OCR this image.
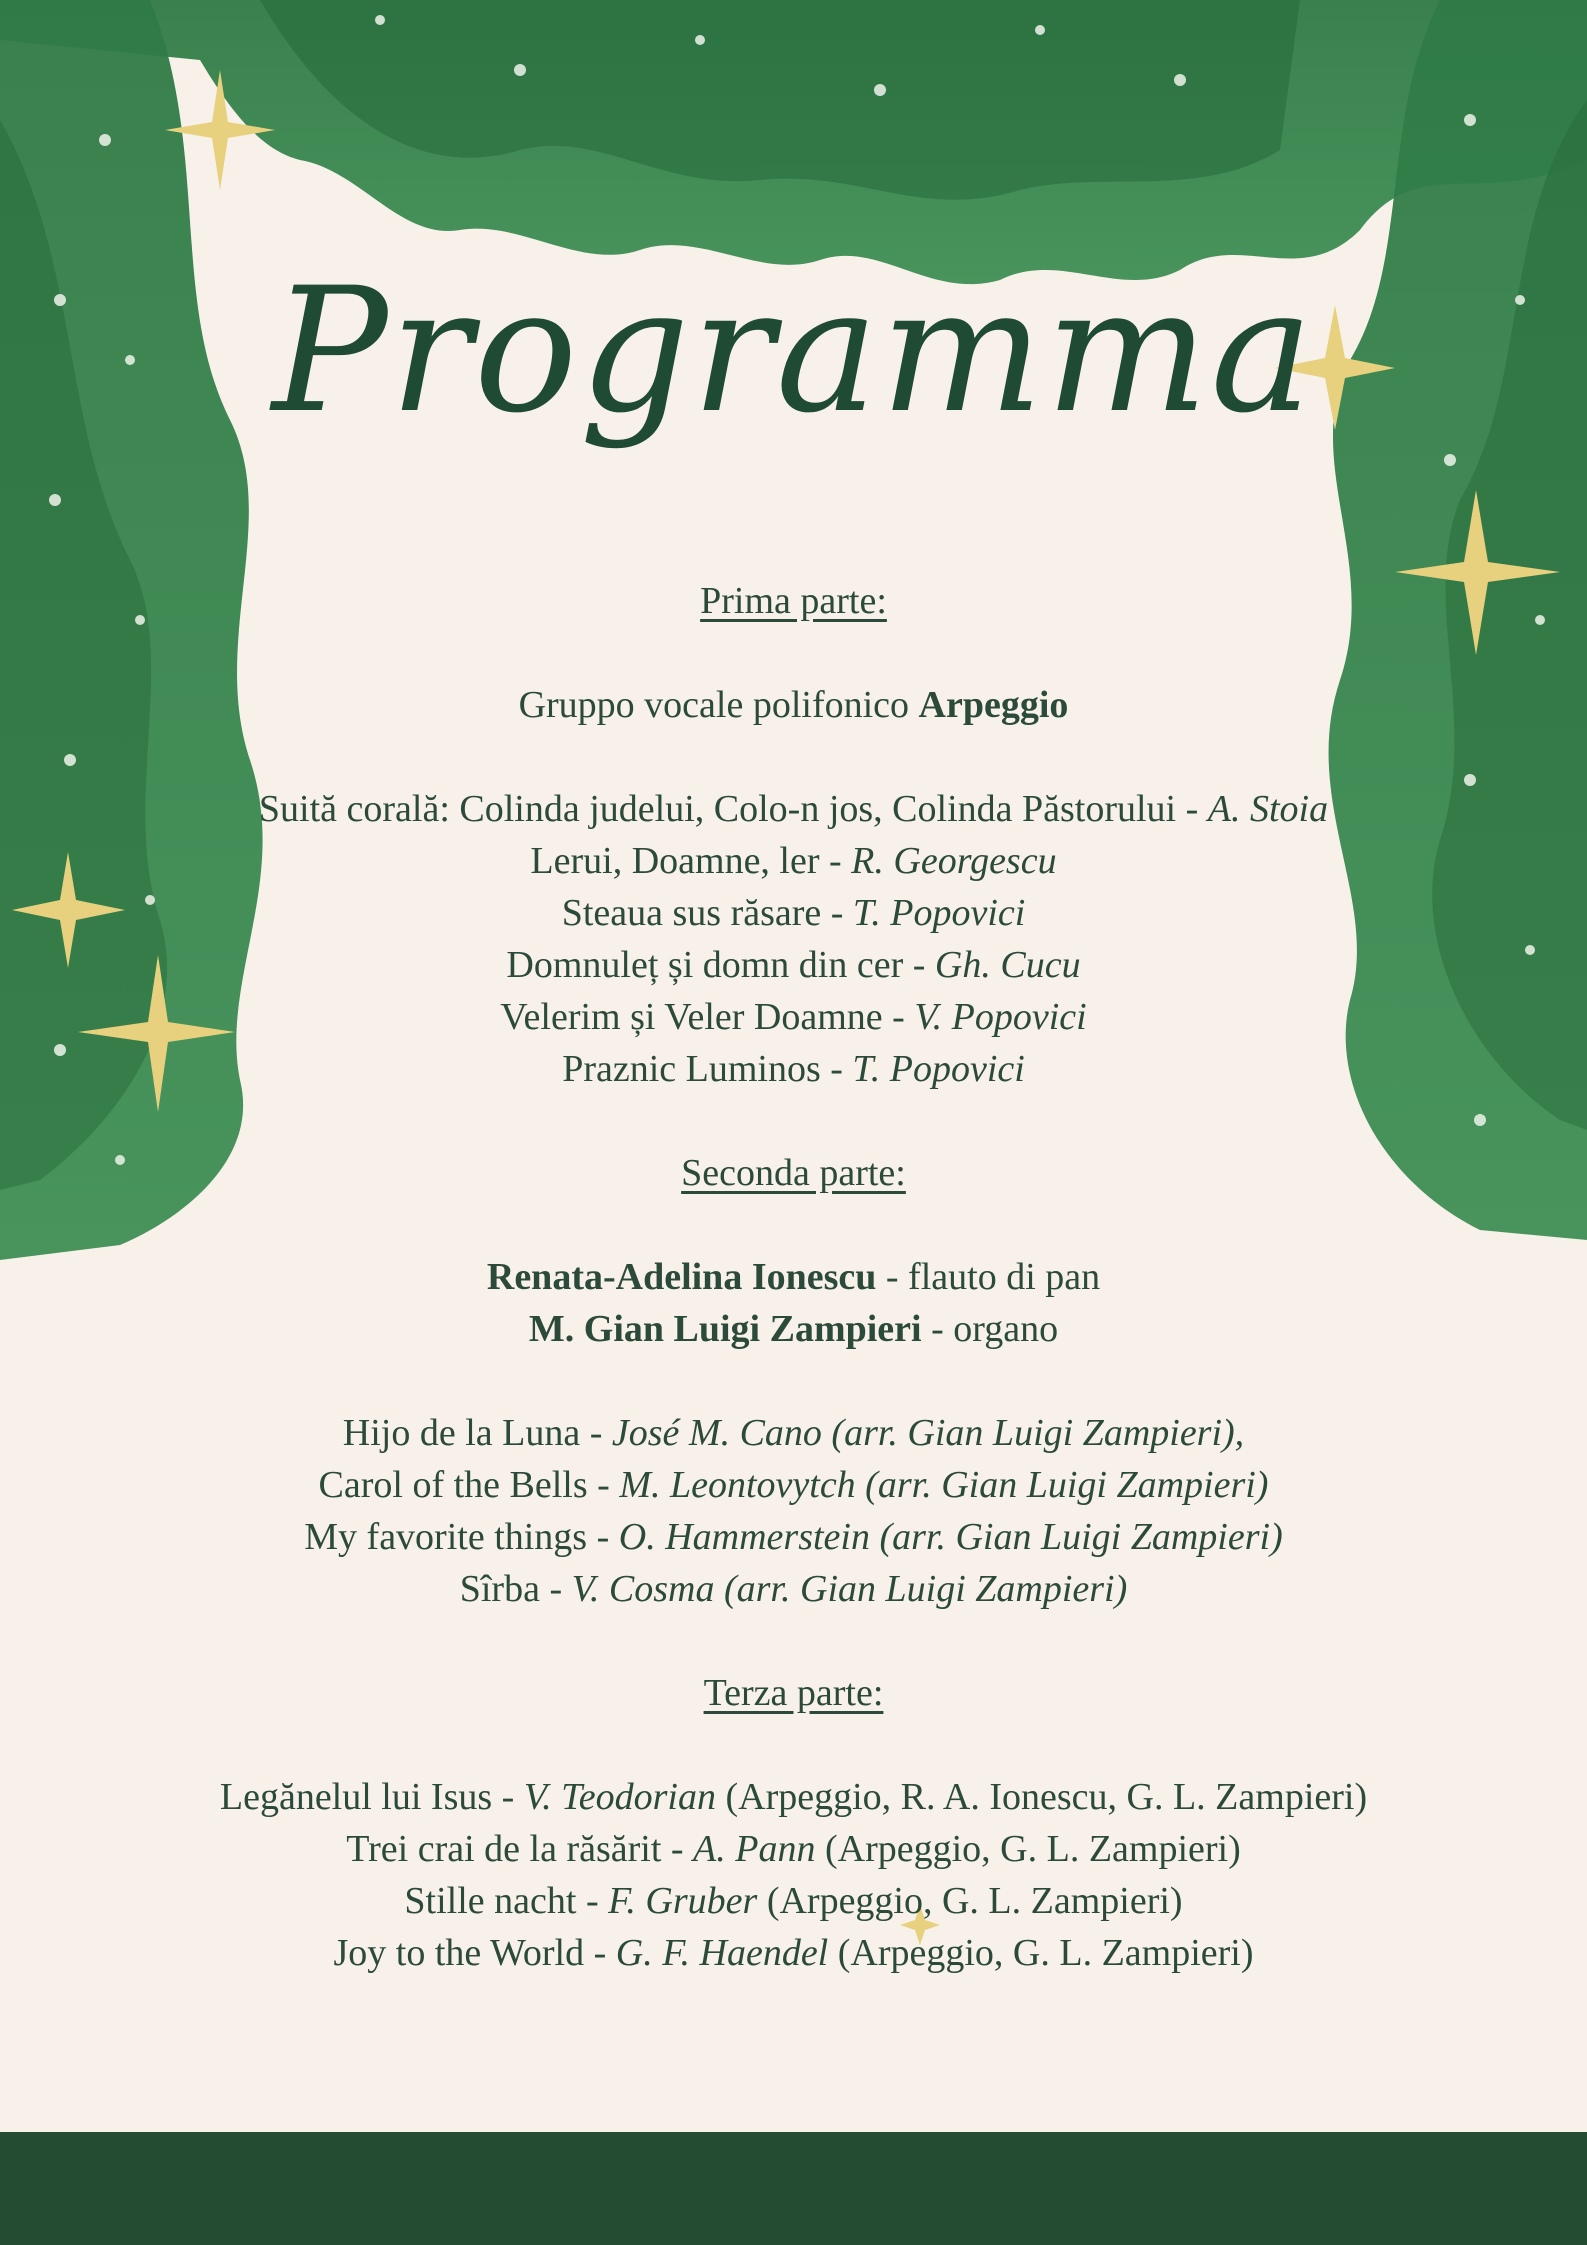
Programma

Prima parte:

Gruppo vocale polifonico Arpeggio

Suită corală: Colinda judelui, Colo-n jos, Colinda Păstorului - A. Stoia

Lerui, Doamne, ler - R. Georgescu

Steaua sus răsare - T. Popovici

Domnuleț și domn din cer - Gh. Cucu

Velerim și Veler Doamne - V. Popovici

Praznic Luminos - T. Popovici

Seconda parte:

Renata-Adelina Ionescu - flauto di pan

M. Gian Luigi Zampieri - organo

Hijo de la Luna - José M. Cano (arr. Gian Luigi Zampieri),

Carol of the Bells - M. Leontovytch (arr. Gian Luigi Zampieri)

My favorite things - O. Hammerstein (arr. Gian Luigi Zampieri)

Sîrba - V. Cosma (arr. Gian Luigi Zampieri)

Terza parte:

Legănelul lui Isus - V. Teodorian (Arpeggio, R. A. Ionescu, G. L. Zampieri)

Trei crai de la răsărit - A. Pann (Arpeggio, G. L. Zampieri)

Stille nacht - F. Gruber (Arpeggio, G. L. Zampieri)

Joy to the World - G. F. Haendel (Arpeggio, G. L. Zampieri)
